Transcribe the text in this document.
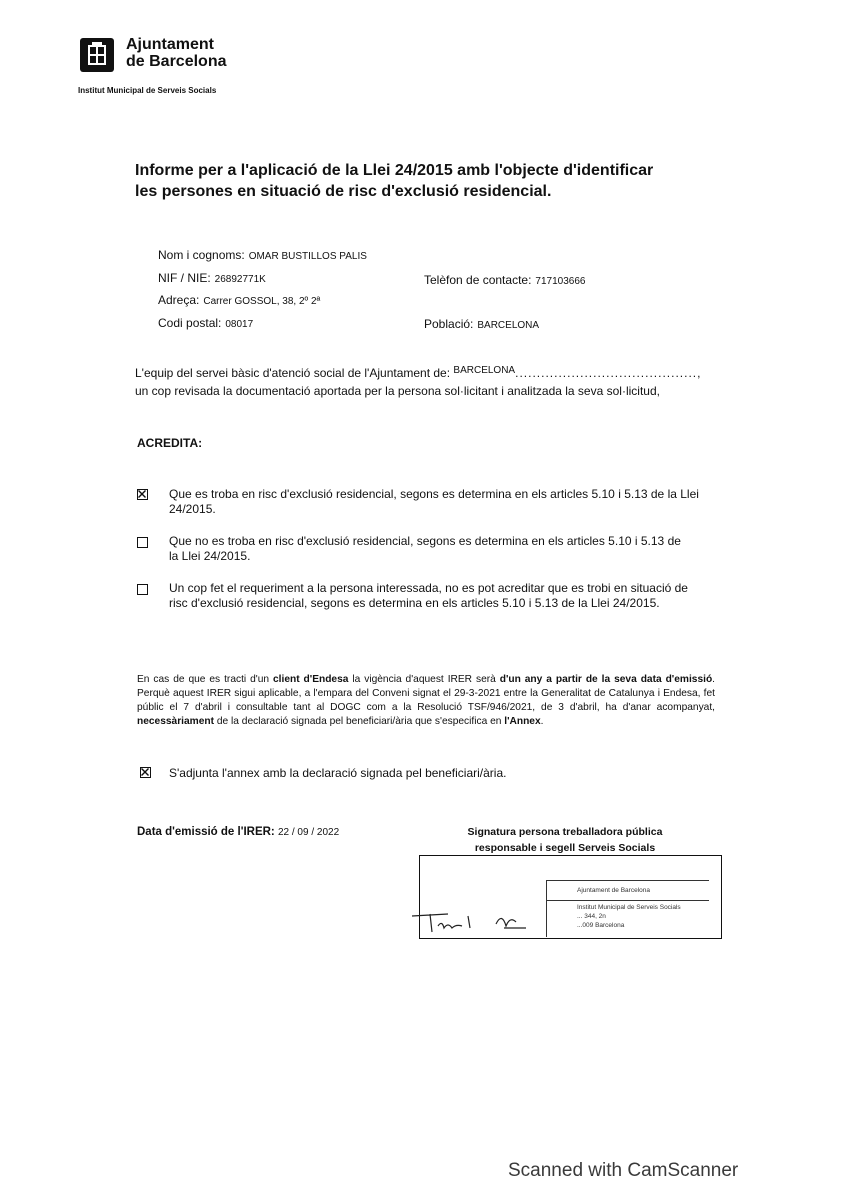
Ajuntament
de Barcelona
Institut Municipal de Serveis Socials
Informe per a l'aplicació de la Llei 24/2015 amb l'objecte d'identificar
les persones en situació de risc d'exclusió residencial.
Nom i cognoms: OMAR BUSTILLOS PALIS
NIF / NIE: 26892771K	Telèfon de contacte: 717103666
Adreça: Carrer GOSSOL, 38, 2º 2ª
Codi postal: 08017	Població: BARCELONA
L'equip del servei bàsic d'atenció social de l'Ajuntament de: $^{BARCELONA}$..........................................,
un cop revisada la documentació aportada per la persona sol·licitant i analitzada la seva sol·licitud,
ACREDITA:
Que es troba en risc d'exclusió residencial, segons es determina en els articles 5.10 i 5.13 de la Llei
24/2015.
Que no es troba en risc d'exclusió residencial, segons es determina en els articles 5.10 i 5.13 de
la Llei 24/2015.
Un cop fet el requeriment a la persona interessada, no es pot acreditar que es trobi en situació de
risc d'exclusió residencial, segons es determina en els articles 5.10 i 5.13 de la Llei 24/2015.
En cas de que es tracti d'un client d'Endesa la vigència d'aquest IRER serà d'un any a partir de la seva data d'emissió. Perquè aquest IRER sigui aplicable, a l'empara del Conveni signat el 29-3-2021 entre la Generalitat de Catalunya i Endesa, fet públic el 7 d'abril i consultable tant al DOGC com a la Resolució TSF/946/2021, de 3 d'abril, ha d'anar acompanyat, necessàriament de la declaració signada pel beneficiari/ària que s'especifica en l'Annex.
S'adjunta l'annex amb la declaració signada pel beneficiari/ària.
Data d'emissió de l'IRER: 22 / 09 / 2022	Signatura persona treballadora pública
responsable i segell Serveis Socials
Ajuntament de Barcelona
Institut Municipal de Serveis Socials
... 344, 2n
...009 Barcelona
Scanned with CamScanner
